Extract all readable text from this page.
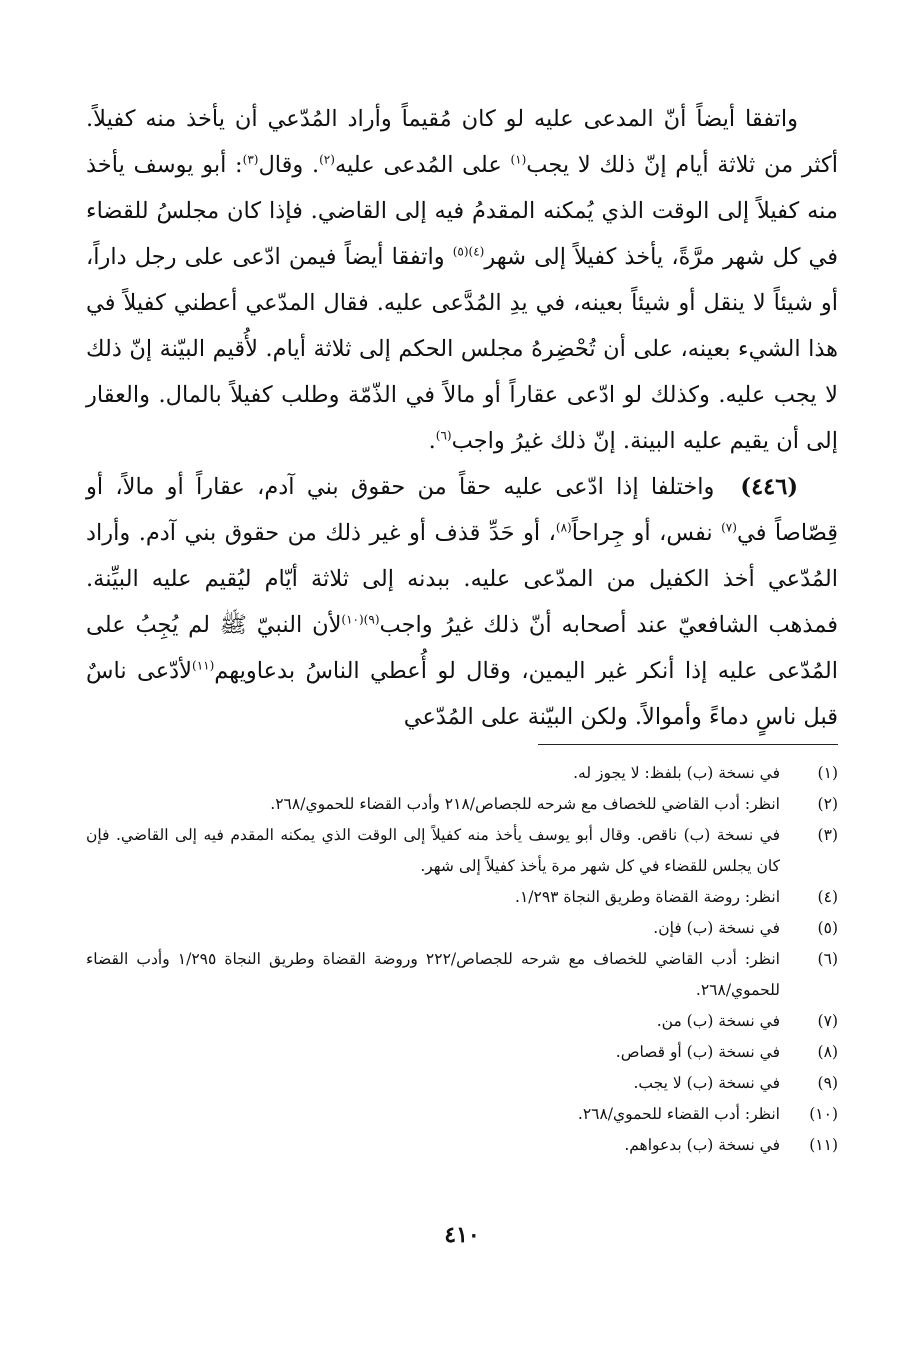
واتفقا أيضاً أنّ المدعى عليه لو كان مُقيماً وأراد المُدّعي أن يأخذ منه كفيلاً. أكثر من ثلاثة أيام إنّ ذلك لا يجب$^{(١)}$ على المُدعى عليه$^{(٢)}$. وقال$^{(٣)}$: أبو يوسف يأخذ منه كفيلاً إلى الوقت الذي يُمكنه المقدمُ فيه إلى القاضي. فإذا كان مجلسُ للقضاء في كل شهر مرَّةً، يأخذ كفيلاً إلى شهر$^{(٤)(٥)}$ واتفقا أيضاً فيمن ادّعى على رجل داراً، أو شيئاً لا ينقل أو شيئاً بعينه، في يدِ المُدَّعى عليه. فقال المدّعي أعطني كفيلاً في هذا الشيء بعينه، على أن تُحْضِرهُ مجلس الحكم إلى ثلاثة أيام. لأُقيم البيّنة إنّ ذلك لا يجب عليه. وكذلك لو ادّعى عقاراً أو مالاً في الذّمّة وطلب كفيلاً بالمال. والعقار إلى أن يقيم عليه البينة. إنّ ذلك غيرُ واجب$^{(٦)}$.

(٤٤٦)واختلفا إذا ادّعى عليه حقاً من حقوق بني آدم، عقاراً أو مالاً، أو قِصّاصاً في$^{(٧)}$ نفس، أو جِراحاً$^{(٨)}$، أو حَدِّ قذف أو غير ذلك من حقوق بني آدم. وأراد المُدّعي أخذ الكفيل من المدّعى عليه. ببدنه إلى ثلاثة أيّام ليُقيم عليه البيِّنة. فمذهب الشافعيّ عند أصحابه أنّ ذلك غيرُ واجب$^{(٩)(١٠)}$لأن النبيّ ﷺ لم يُجِبُ على المُدّعى عليه إذا أنكر غير اليمين، وقال لو أُعطي الناسُ بدعاويهم$^{(١١)}$لأدّعى ناسٌ قبل ناسٍ دماءً وأموالاً. ولكن البيّنة على المُدّعي

(١)
في نسخة (ب) بلفظ: لا يجوز له.
(٢)
انظر: أدب القاضي للخصاف مع شرحه للجصاص/٢١٨ وأدب القضاء للحموي/٢٦٨.
(٣)
في نسخة (ب) ناقص. وقال أبو يوسف يأخذ منه كفيلاً إلى الوقت الذي يمكنه المقدم فيه إلى القاضي. فإن كان يجلس للقضاء في كل شهر مرة يأخذ كفيلاً إلى شهر.
(٤)
انظر: روضة القضاة وطريق النجاة ١/٢٩٣.
(٥)
في نسخة (ب) فإن.
(٦)
انظر: أدب القاضي للخصاف مع شرحه للجصاص/٢٢٢ وروضة القضاة وطريق النجاة ١/٢٩٥ وأدب القضاء للحموي/٢٦٨.
(٧)
في نسخة (ب) من.
(٨)
في نسخة (ب) أو قصاص.
(٩)
في نسخة (ب) لا يجب.
(١٠)
انظر: أدب القضاء للحموي/٢٦٨.
(١١)
في نسخة (ب) بدعواهم.
٤١٠
